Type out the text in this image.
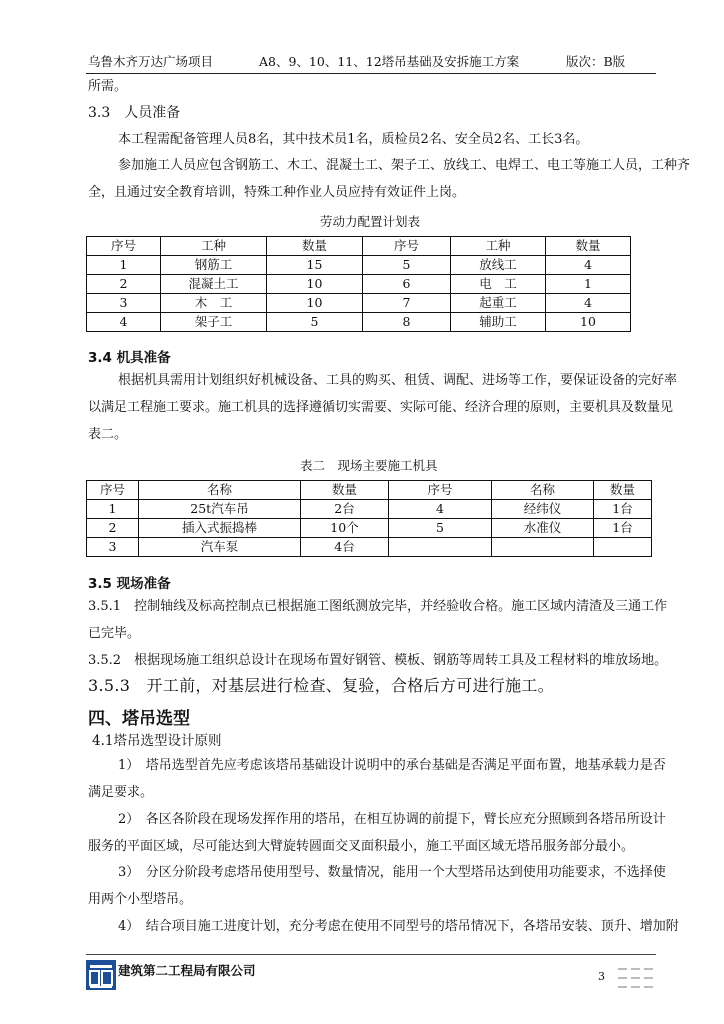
乌鲁木齐万达广场项目	A8、9、10、11、12塔吊基础及安拆施工方案	版次：B版
所需。
3.3　人员准备
本工程需配备管理人员8名，其中技术员1名，质检员2名、安全员2名、工长3名。
参加施工人员应包含钢筋工、木工、混凝土工、架子工、放线工、电焊工、电工等施工人员，工种齐
全，且通过安全教育培训，特殊工种作业人员应持有效证件上岗。
劳动力配置计划表
序号	工种	数量	序号	工种	数量
1	钢筋工	15	5	放线工	4
2	混凝土工	10	6	电　工	1
3	木　工	10	7	起重工	4
4	架子工	5	8	辅助工	10
3.4 机具准备
根据机具需用计划组织好机械设备、工具的购买、租赁、调配、进场等工作，要保证设备的完好率
以满足工程施工要求。施工机具的选择遵循切实需要、实际可能、经济合理的原则，主要机具及数量见
表二。
表二　现场主要施工机具
序号	名称	数量	序号	名称	数量
1	25t汽车吊	2台	4	经纬仪	1台
2	插入式振捣棒	10个	5	水准仪	1台
3	汽车泵	4台			
3.5 现场准备
3.5.1　控制轴线及标高控制点已根据施工图纸测放完毕，并经验收合格。施工区域内清渣及三通工作
已完毕。
3.5.2　根据现场施工组织总设计在现场布置好钢管、模板、钢筋等周转工具及工程材料的堆放场地。
3.5.3　开工前，对基层进行检查、复验，合格后方可进行施工。
四、塔吊选型
4.1塔吊选型设计原则
1）　塔吊选型首先应考虑该塔吊基础设计说明中的承台基础是否满足平面布置，地基承载力是否
满足要求。
2）　各区各阶段在现场发挥作用的塔吊，在相互协调的前提下，臂长应充分照顾到各塔吊所设计
服务的平面区域，尽可能达到大臂旋转圆面交叉面积最小，施工平面区域无塔吊服务部分最小。
3）　分区分阶段考虑塔吊使用型号、数量情况，能用一个大型塔吊达到使用功能要求，不选择使
用两个小型塔吊。
4）　结合项目施工进度计划，充分考虑在使用不同型号的塔吊情况下，各塔吊安装、顶升、增加附
建筑第二工程局有限公司	3
